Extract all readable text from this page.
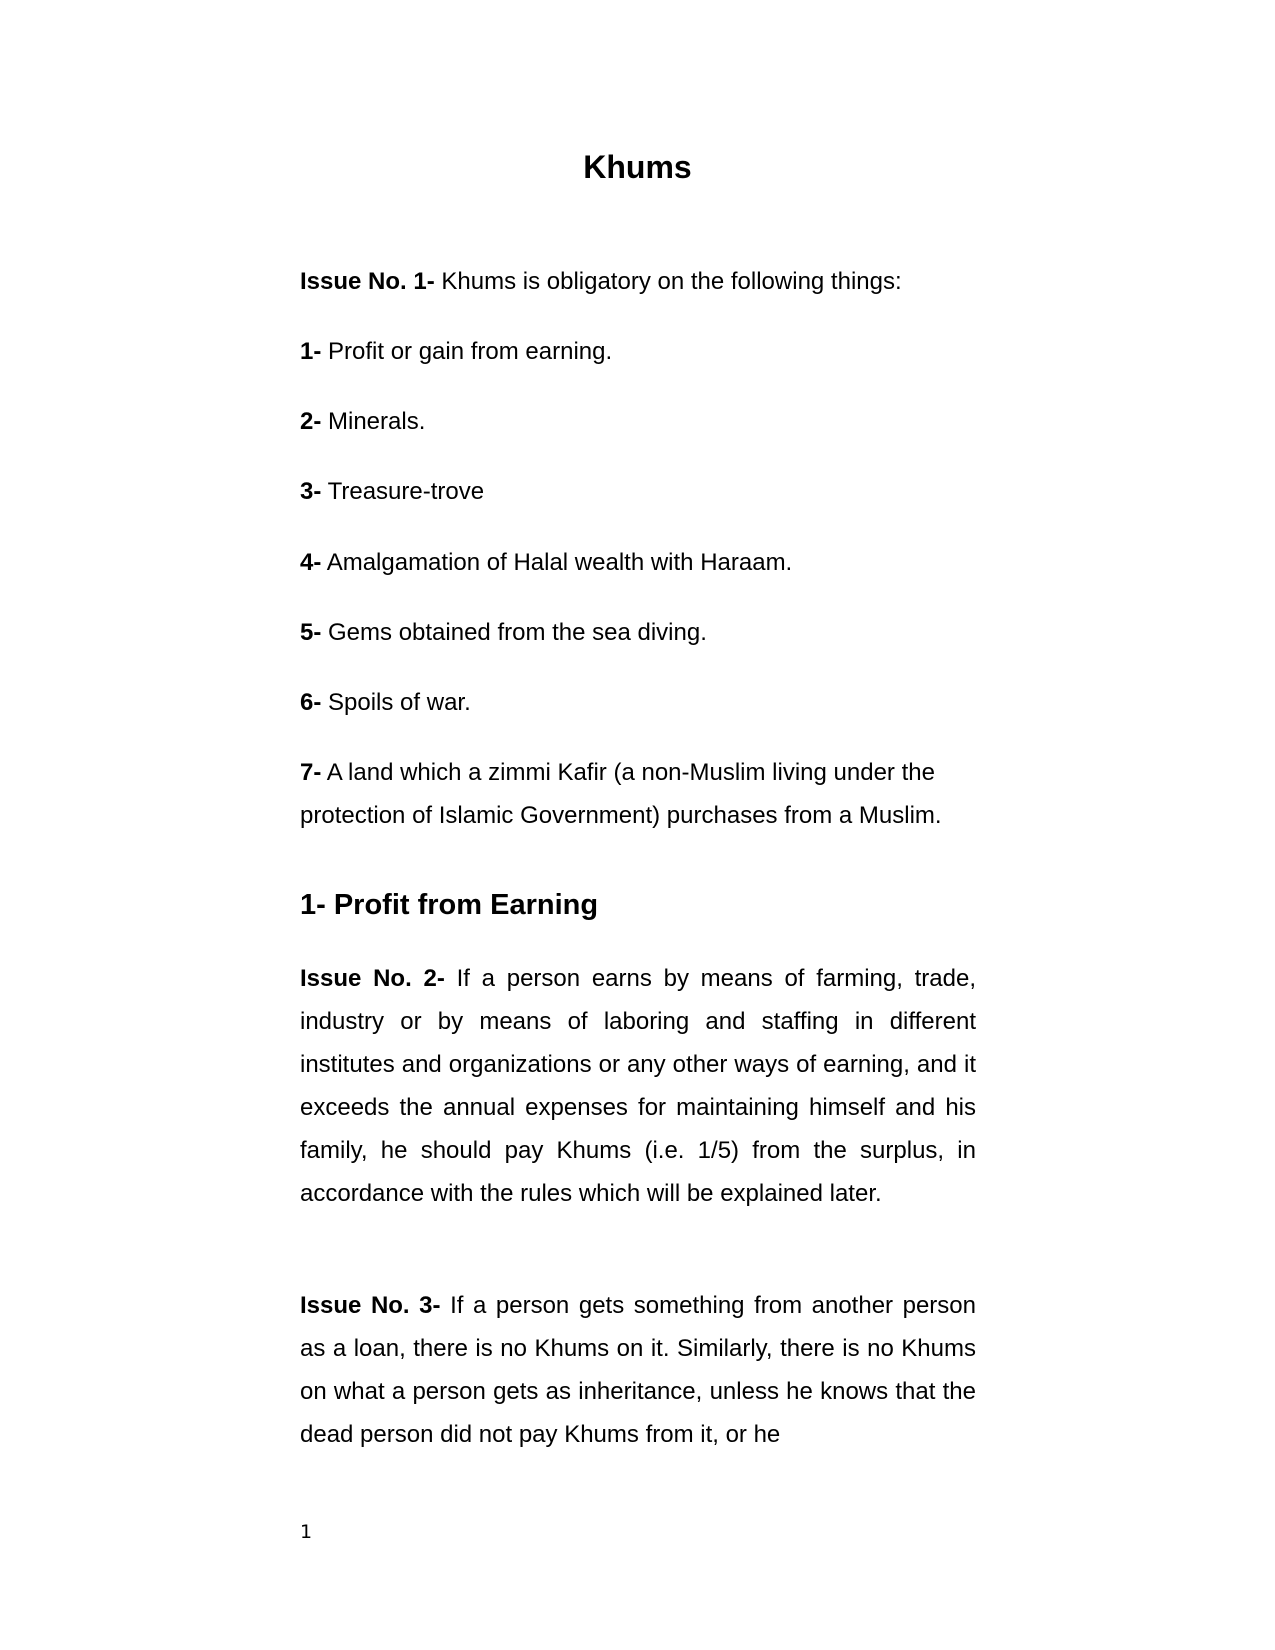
Khums

Issue No. 1- Khums is obligatory on the following things:

1- Profit or gain from earning.

2- Minerals.

3- Treasure-trove

4- Amalgamation of Halal wealth with Haraam.

5- Gems obtained from the sea diving.

6- Spoils of war.

7- A land which a zimmi Kafir (a non-Muslim living under the protection of Islamic Government) purchases from a Muslim.

1- Profit from Earning

Issue No. 2- If a person earns by means of farming, trade, industry or by means of laboring and staffing in different institutes and organizations or any other ways of earning, and it exceeds the annual expenses for maintaining himself and his family, he should pay Khums (i.e. 1/5) from the surplus, in accordance with the rules which will be explained later.

Issue No. 3- If a person gets something from another person as a loan, there is no Khums on it. Similarly, there is no Khums on what a person gets as inheritance, unless he knows that the dead person did not pay Khums from it, or he

1
